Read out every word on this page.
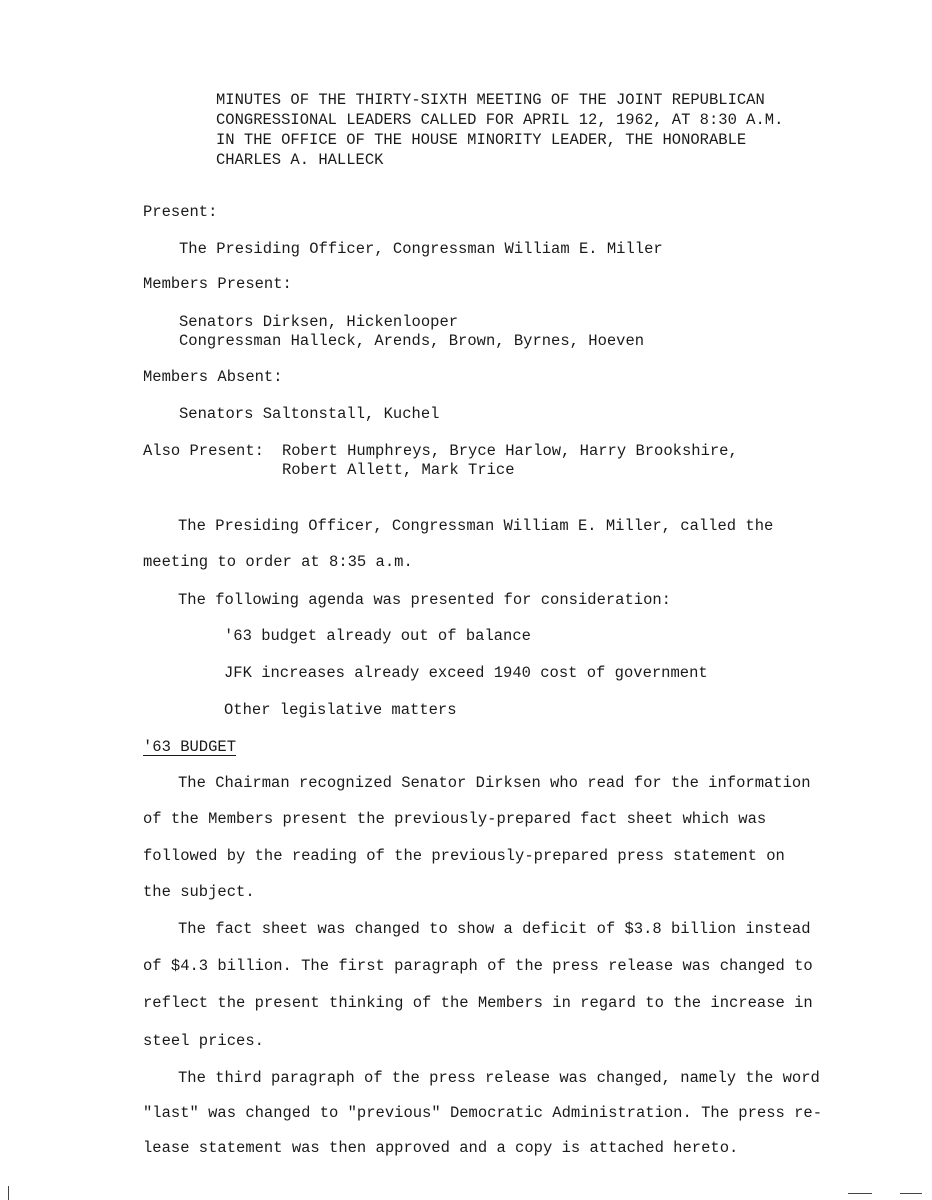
MINUTES OF THE THIRTY-SIXTH MEETING OF THE JOINT REPUBLICAN
CONGRESSIONAL LEADERS CALLED FOR APRIL 12, 1962, AT 8:30 A.M.
IN THE OFFICE OF THE HOUSE MINORITY LEADER, THE HONORABLE
CHARLES A. HALLECK
Present:
The Presiding Officer, Congressman William E. Miller
Members Present:
Senators Dirksen, Hickenlooper
Congressman Halleck, Arends, Brown, Byrnes, Hoeven
Members Absent:
Senators Saltonstall, Kuchel
Also Present: Robert Humphreys, Bryce Harlow, Harry Brookshire,
Robert Allett, Mark Trice
The Presiding Officer, Congressman William E. Miller, called the
meeting to order at 8:35 a.m.
The following agenda was presented for consideration:
'63 budget already out of balance
JFK increases already exceed 1940 cost of government
Other legislative matters
'63 BUDGET
The Chairman recognized Senator Dirksen who read for the information
of the Members present the previously-prepared fact sheet which was
followed by the reading of the previously-prepared press statement on
the subject.
The fact sheet was changed to show a deficit of $3.8 billion instead
of $4.3 billion. The first paragraph of the press release was changed to
reflect the present thinking of the Members in regard to the increase in
steel prices.
The third paragraph of the press release was changed, namely the word
"last" was changed to "previous" Democratic Administration. The press re-
lease statement was then approved and a copy is attached hereto.
